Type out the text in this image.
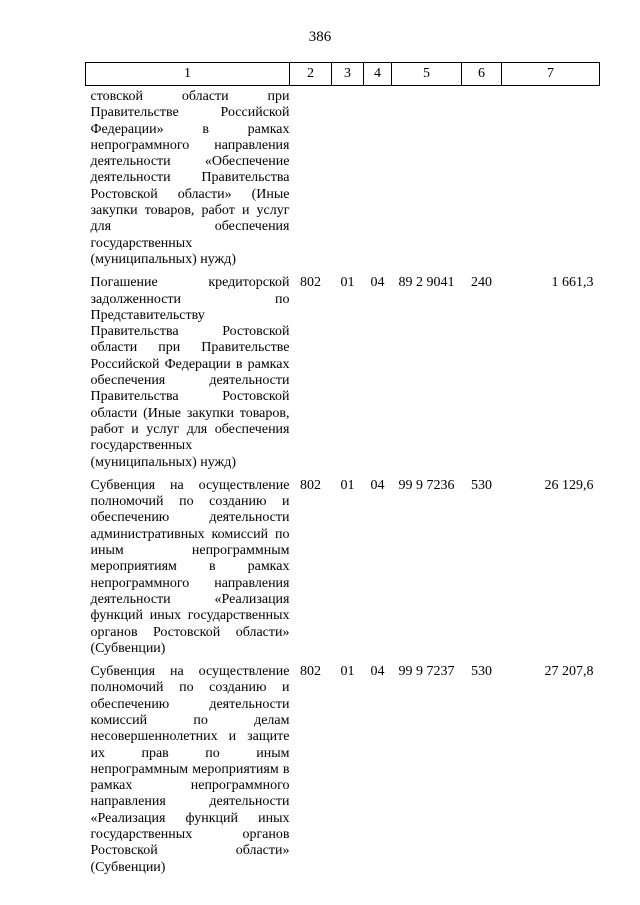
386
1	2	3	4	5	6	7
стовской области при Правительстве Российской Федерации» в рамках непрограммного направления деятельности «Обеспечение деятельности Правительства Ростовской области» (Иные закупки товаров, работ и услуг для обеспечения государственных (муниципальных) нужд)						
Погашение кредиторской задолженности по Представительству Правительства Ростовской области при Правительстве Российской Федерации в рамках обеспечения деятельности Правительства Ростовской области (Иные закупки товаров, работ и услуг для обеспечения государственных (муниципальных) нужд)	802	01	04	89 2 9041	240	1 661,3
Субвенция на осуществление полномочий по созданию и обеспечению деятельности административных комиссий по иным непрограммным мероприятиям в рамках непрограммного направления деятельности «Реализация функций иных государственных органов Ростовской области» (Субвенции)	802	01	04	99 9 7236	530	26 129,6
Субвенция на осуществление полномочий по созданию и обеспечению деятельности комиссий по делам несовершеннолетних и защите их прав по иным непрограммным мероприятиям в рамках непрограммного направления деятельности «Реализация функций иных государственных органов Ростовской области» (Субвенции)	802	01	04	99 9 7237	530	27 207,8
